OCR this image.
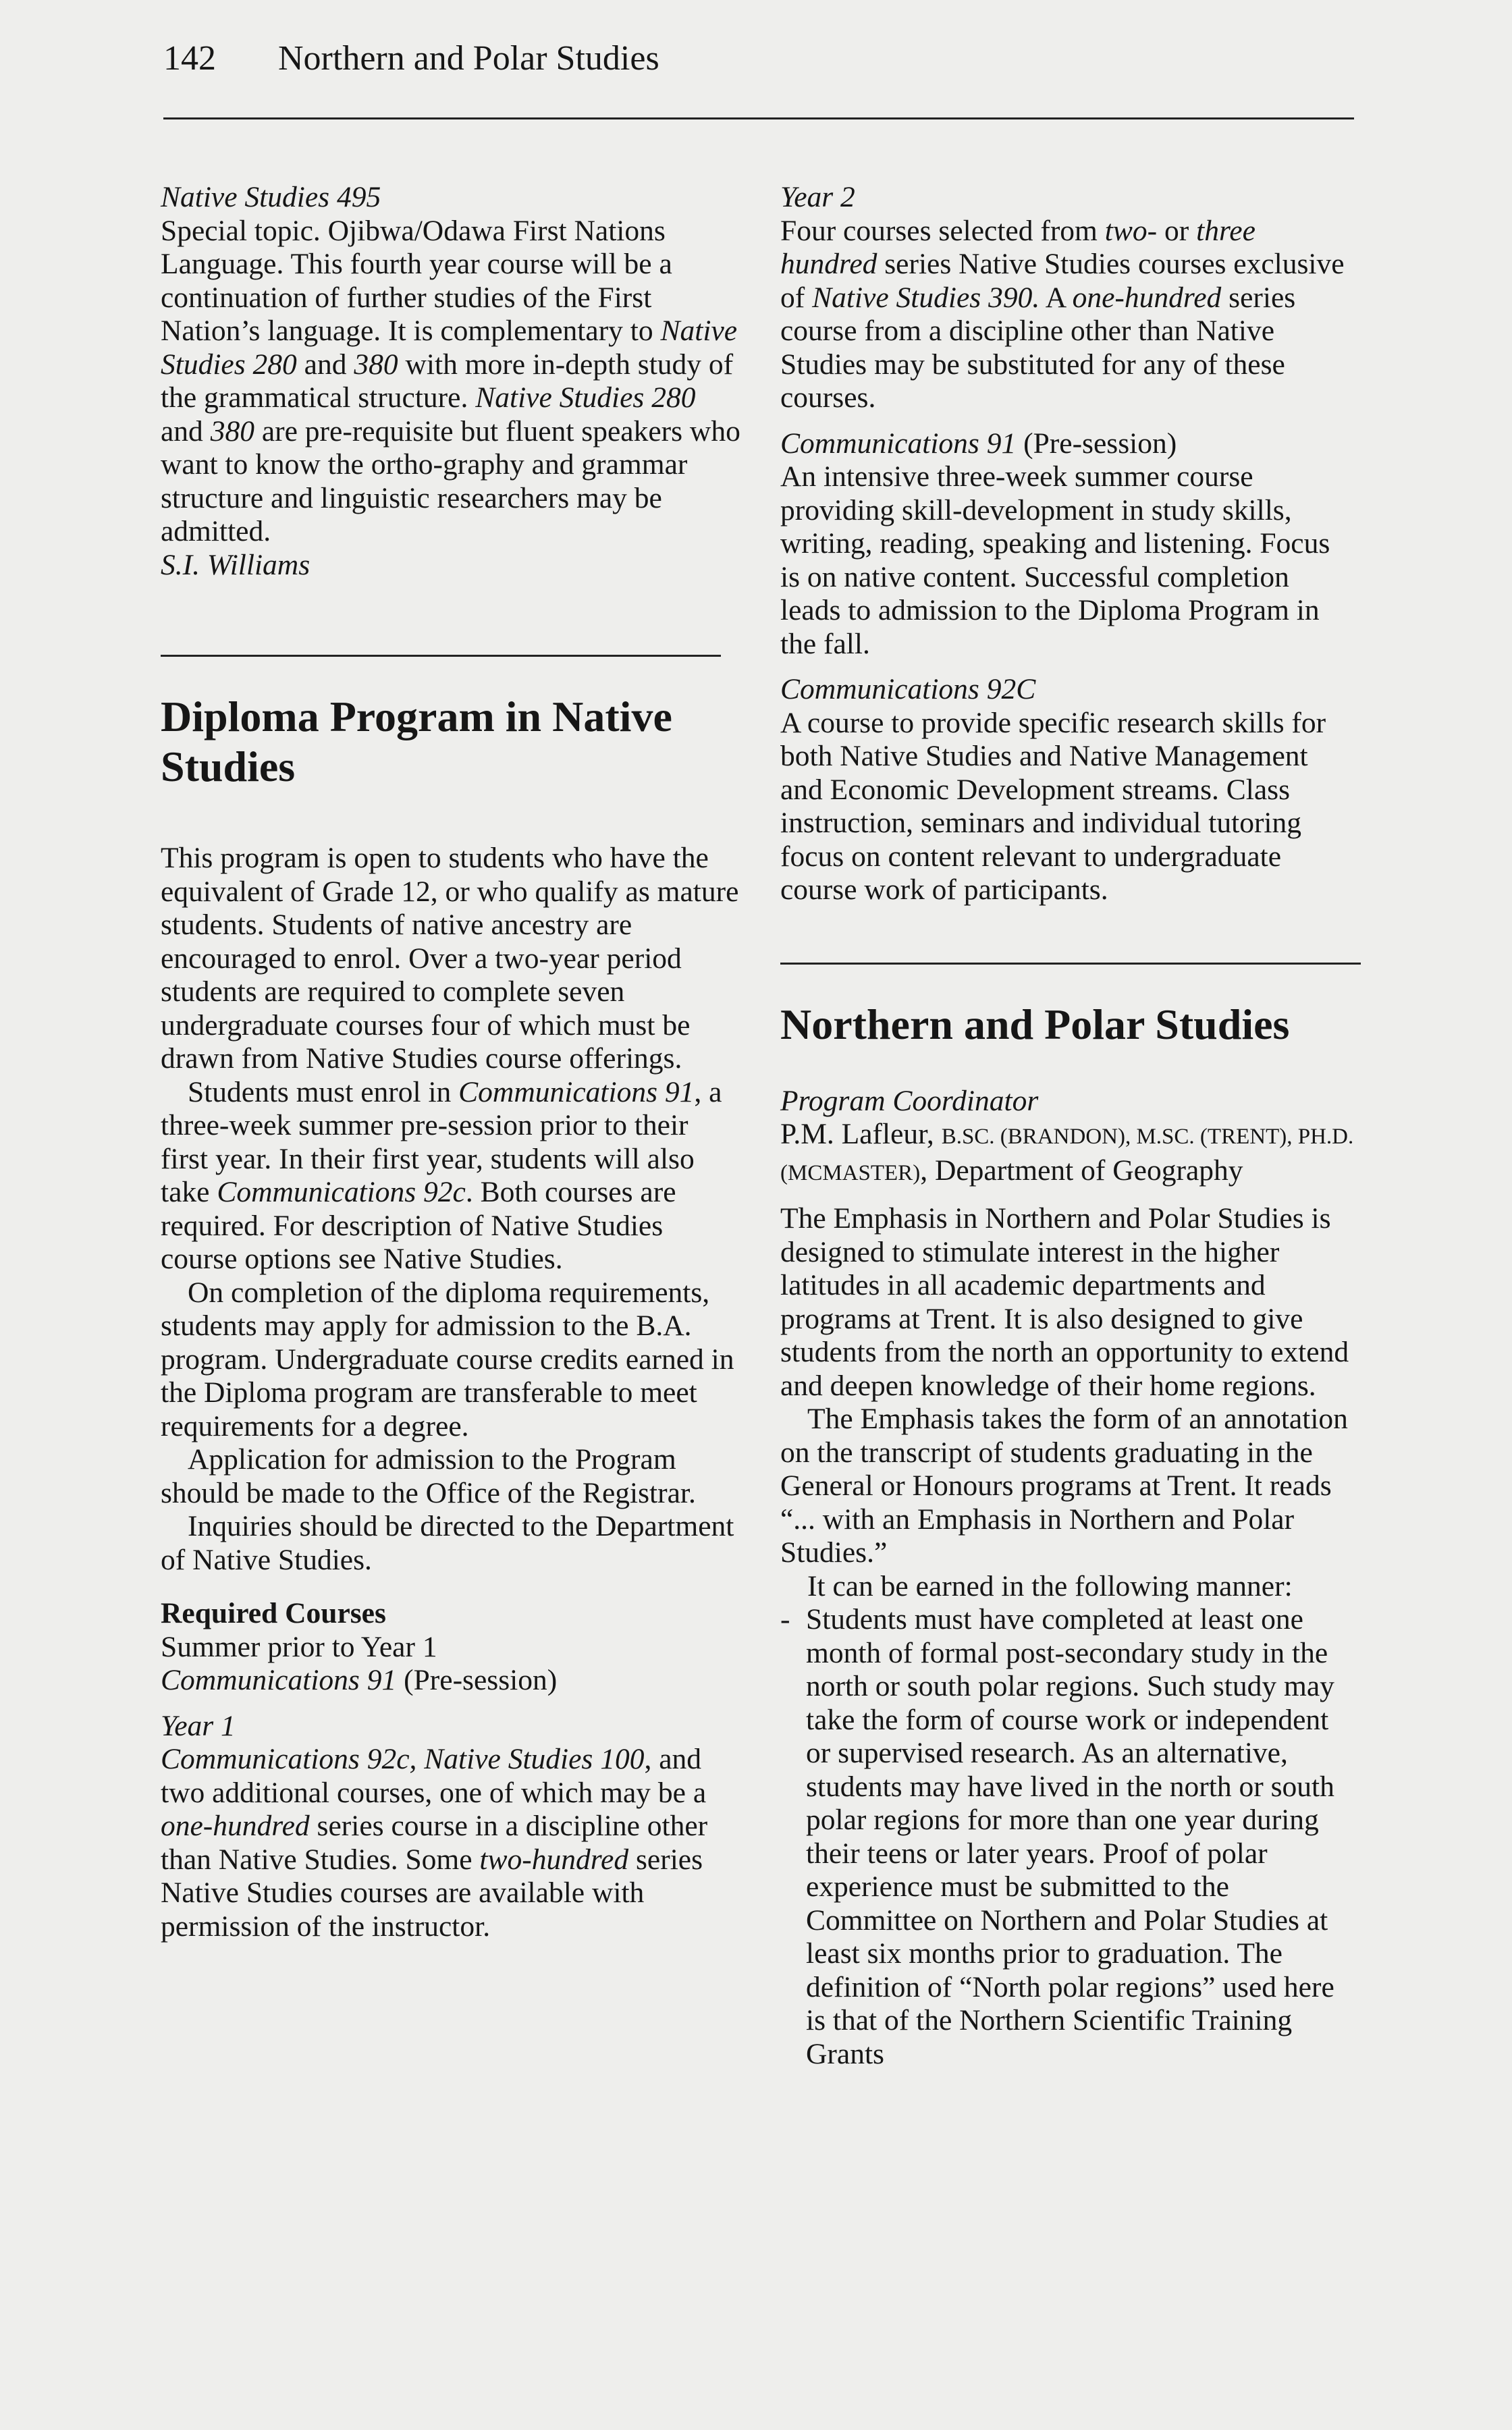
142 Northern and Polar Studies

Native Studies 495

Special topic. Ojibwa/Odawa First Nations Language. This fourth year course will be a continuation of further studies of the First Nation’s language. It is complementary to Native Studies 280 and 380 with more in-depth study of the grammatical structure. Native Studies 280 and 380 are pre-requisite but fluent speakers who want to know the ortho-graphy and grammar structure and linguistic researchers may be admitted.

S.I. Williams

Diploma Program in Native Studies

This program is open to students who have the equivalent of Grade 12, or who qualify as mature students. Students of native ancestry are encouraged to enrol. Over a two-year period students are required to complete seven undergraduate courses four of which must be drawn from Native Studies course offerings.

Students must enrol in Communications 91, a three-week summer pre-session prior to their first year. In their first year, students will also take Communications 92c. Both courses are required. For description of Native Studies course options see Native Studies.

On completion of the diploma requirements, students may apply for admission to the B.A. program. Undergraduate course credits earned in the Diploma program are transferable to meet requirements for a degree.

Application for admission to the Program should be made to the Office of the Registrar.

Inquiries should be directed to the Department of Native Studies.

Required Courses

Summer prior to Year 1

Communications 91 (Pre-session)

Year 1

Communications 92c, Native Studies 100, and two additional courses, one of which may be a one-hundred series course in a discipline other than Native Studies. Some two-hundred series Native Studies courses are available with permission of the instructor.

Year 2

Four courses selected from two- or three hundred series Native Studies courses exclusive of Native Studies 390. A one-hundred series course from a discipline other than Native Studies may be substituted for any of these courses.

Communications 91 (Pre-session)

An intensive three-week summer course providing skill-development in study skills, writing, reading, speaking and listening. Focus is on native content. Successful completion leads to admission to the Diploma Program in the fall.

Communications 92C

A course to provide specific research skills for both Native Studies and Native Management and Economic Development streams. Class instruction, seminars and individual tutoring focus on content relevant to undergraduate course work of participants.

Northern and Polar Studies

Program Coordinator

P.M. Lafleur, B.SC. (BRANDON), M.SC. (TRENT), PH.D. (MCMASTER), Department of Geography

The Emphasis in Northern and Polar Studies is designed to stimulate interest in the higher latitudes in all academic departments and programs at Trent. It is also designed to give students from the north an opportunity to extend and deepen knowledge of their home regions.

The Emphasis takes the form of an annotation on the transcript of students graduating in the General or Honours programs at Trent. It reads “... with an Emphasis in Northern and Polar Studies.”

It can be earned in the following manner:

- Students must have completed at least one month of formal post-secondary study in the north or south polar regions. Such study may take the form of course work or independent or supervised research. As an alternative, students may have lived in the north or south polar regions for more than one year during their teens or later years. Proof of polar experience must be submitted to the Committee on Northern and Polar Studies at least six months prior to graduation. The definition of “North polar regions” used here is that of the Northern Scientific Training Grants
